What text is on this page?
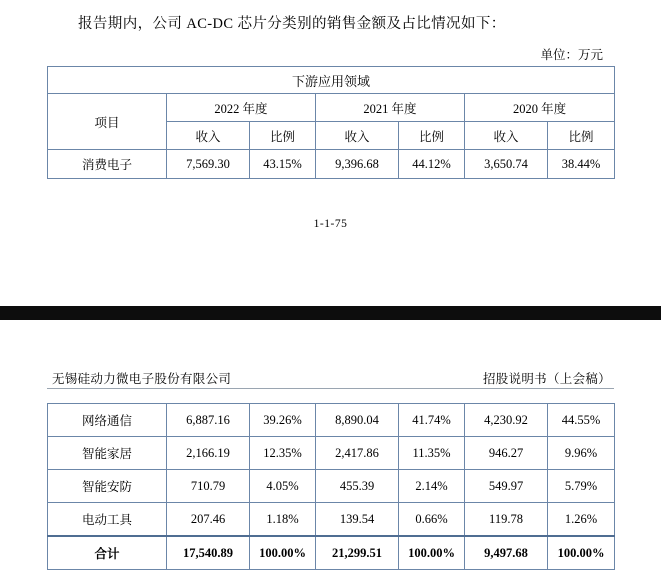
报告期内，公司 AC-DC 芯片分类别的销售金额及占比情况如下：
单位：万元
下游应用领域						
项目	2022 年度		2021 年度		2020 年度	
	收入	比例	收入	比例	收入	比例
消费电子	7,569.30	43.15%	9,396.68	44.12%	3,650.74	38.44%
1-1-75
无锡硅动力微电子股份有限公司	招股说明书（上会稿）
网络通信	6,887.16	39.26%	8,890.04	41.74%	4,230.92	44.55%
智能家居	2,166.19	12.35%	2,417.86	11.35%	946.27	9.96%
智能安防	710.79	4.05%	455.39	2.14%	549.97	5.79%
电动工具	207.46	1.18%	139.54	0.66%	119.78	1.26%
合计	17,540.89	100.00%	21,299.51	100.00%	9,497.68	100.00%
